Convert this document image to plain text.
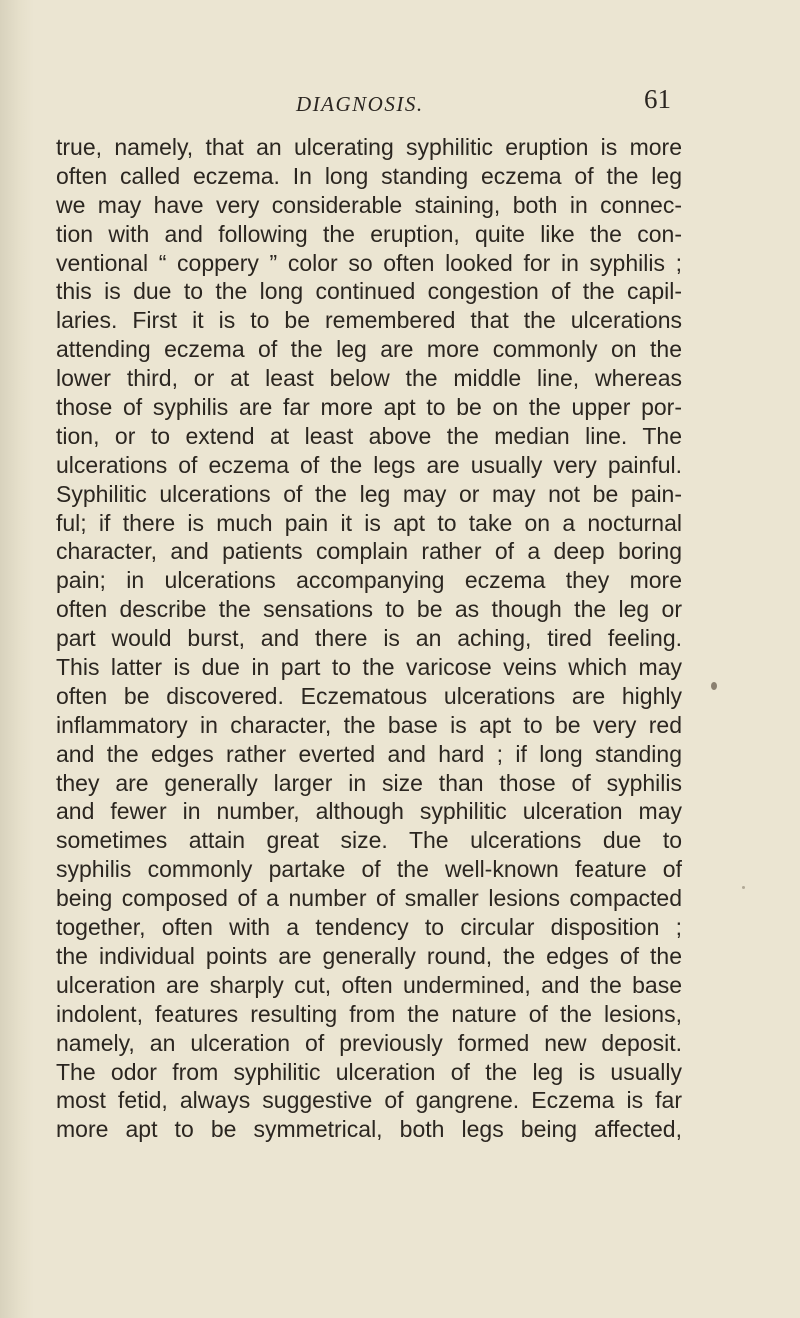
DIAGNOSIS.	61
true, namely, that an ulcerating syphilitic eruption is more
often called eczema. In long standing eczema of the leg
we may have very considerable staining, both in connec-
tion with and following the eruption, quite like the con-
ventional “ coppery ” color so often looked for in syphilis ;
this is due to the long continued congestion of the capil-
laries. First it is to be remembered that the ulcerations
attending eczema of the leg are more commonly on the
lower third, or at least below the middle line, whereas
those of syphilis are far more apt to be on the upper por-
tion, or to extend at least above the median line. The
ulcerations of eczema of the legs are usually very painful.
Syphilitic ulcerations of the leg may or may not be pain-
ful; if there is much pain it is apt to take on a nocturnal
character, and patients complain rather of a deep boring
pain; in ulcerations accompanying eczema they more
often describe the sensations to be as though the leg or
part would burst, and there is an aching, tired feeling.
This latter is due in part to the varicose veins which may
often be discovered. Eczematous ulcerations are highly
inflammatory in character, the base is apt to be very red
and the edges rather everted and hard ; if long standing
they are generally larger in size than those of syphilis
and fewer in number, although syphilitic ulceration may
sometimes attain great size. The ulcerations due to
syphilis commonly partake of the well-known feature of
being composed of a number of smaller lesions compacted
together, often with a tendency to circular disposition ;
the individual points are generally round, the edges of the
ulceration are sharply cut, often undermined, and the base
indolent, features resulting from the nature of the lesions,
namely, an ulceration of previously formed new deposit.
The odor from syphilitic ulceration of the leg is usually
most fetid, always suggestive of gangrene. Eczema is far
more apt to be symmetrical, both legs being affected,
